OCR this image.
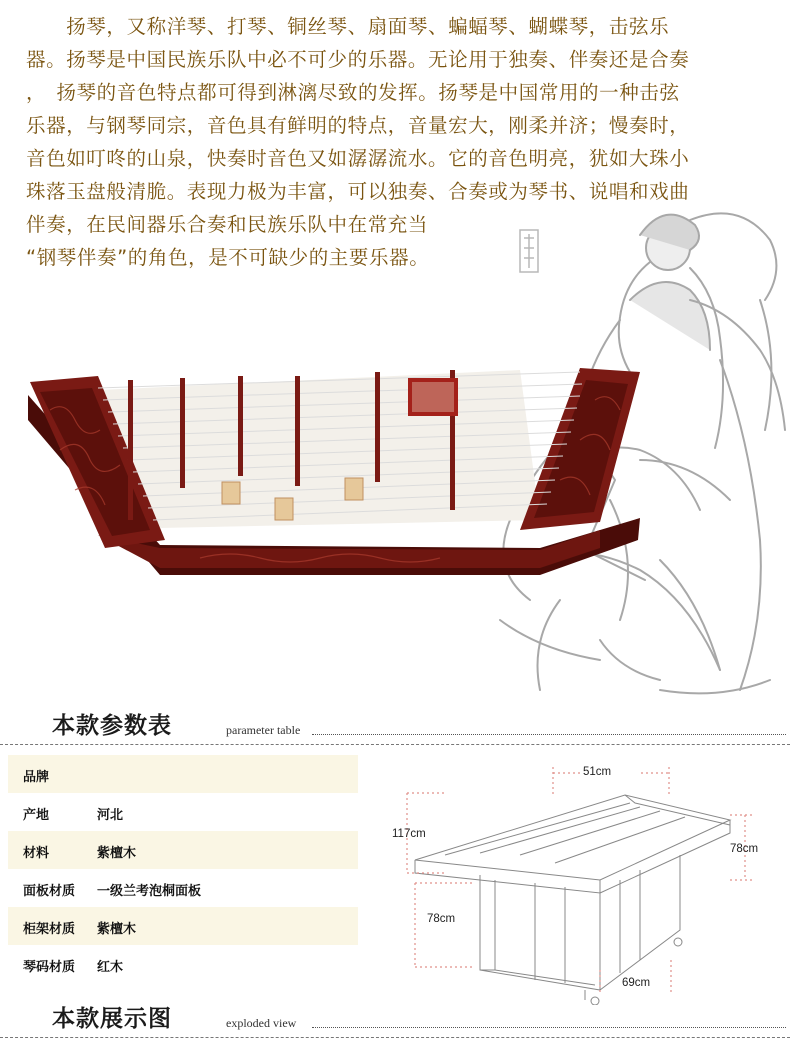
　　扬琴，又称洋琴、打琴、铜丝琴、扇面琴、蝙蝠琴、蝴蝶琴，击弦乐

器。扬琴是中国民族乐队中必不可少的乐器。无论用于独奏、伴奏还是合奏

，　扬琴的音色特点都可得到淋漓尽致的发挥。扬琴是中国常用的一种击弦

乐器，与钢琴同宗，音色具有鲜明的特点，音量宏大，刚柔并济；慢奏时，

音色如叮咚的山泉，快奏时音色又如潺潺流水。它的音色明亮，犹如大珠小

珠落玉盘般清脆。表现力极为丰富，可以独奏、合奏或为琴书、说唱和戏曲

伴奏，在民间器乐合奏和民族乐队中在常充当

“钢琴伴奏”的角色，是不可缺少的主要乐器。

本款参数表	parameter table
品牌
产地	河北
材料	紫檀木
面板材质 一级兰考泡桐面板
柜架材质 紫檀木
琴码材质 红木
51cm
117cm
78cm
78cm
69cm
本款展示图	exploded view
